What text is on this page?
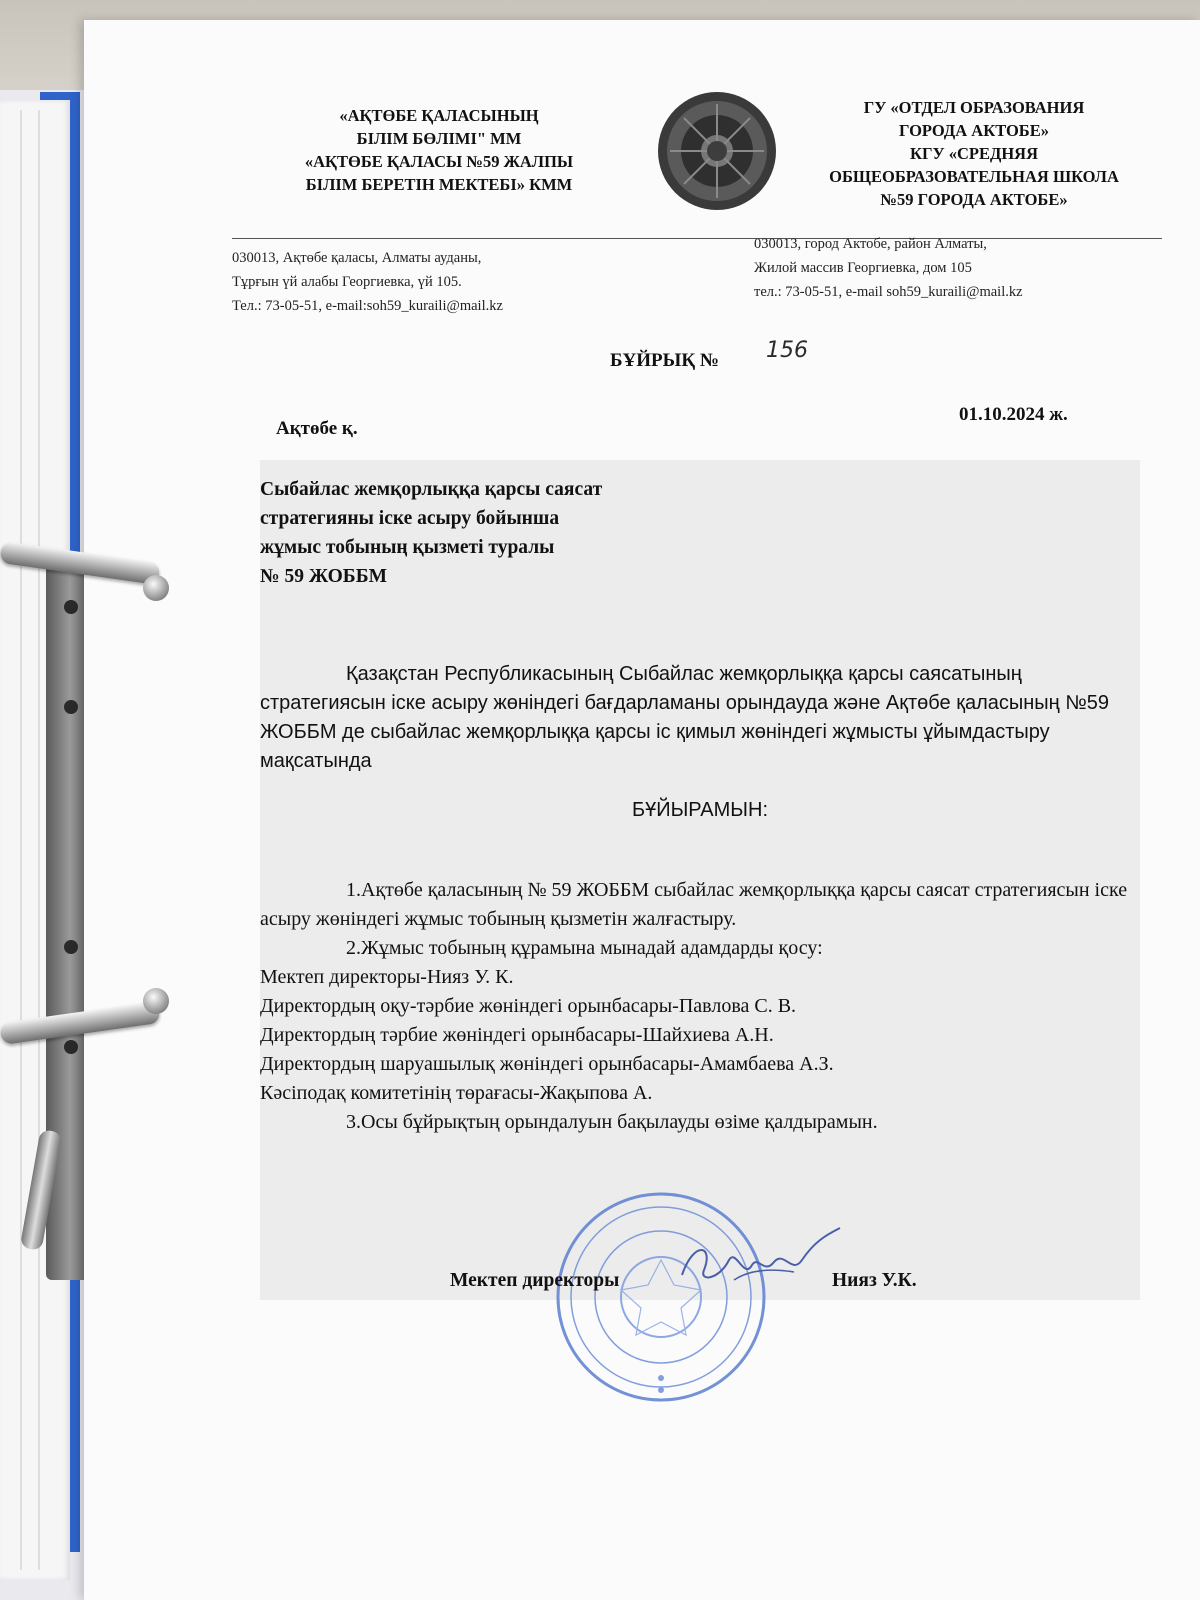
«АҚТӨБЕ ҚАЛАСЫНЫҢ
БІЛІМ БӨЛІМІ" ММ
«АҚТӨБЕ ҚАЛАСЫ №59 ЖАЛПЫ
БІЛІМ БЕРЕТІН МЕКТЕБІ» КММ
ГУ «ОТДЕЛ ОБРАЗОВАНИЯ
ГОРОДА АКТОБЕ»
КГУ «СРЕДНЯЯ
ОБЩЕОБРАЗОВАТЕЛЬНАЯ ШКОЛА
№59 ГОРОДА АКТОБЕ»
030013, Ақтөбе қаласы, Алматы ауданы,
Тұрғын үй алабы Георгиевка, үй 105.
Тел.: 73-05-51, e-mail:soh59_kuraili@mail.kz
030013, город Актобе, район Алматы,
Жилой массив Георгиевка, дом 105
тел.: 73-05-51, e-mail soh59_kuraili@mail.kz
БҰЙРЫҚ № 156
Ақтөбе қ.
01.10.2024 ж.
Сыбайлас жемқорлыққа қарсы саясат
стратегияны іске асыру бойынша
жұмыс тобының қызметі туралы
№ 59 ЖОББМ

Қазақстан Республикасының Сыбайлас жемқорлыққа қарсы саясатының стратегиясын іске асыру жөніндегі бағдарламаны орындауда және Ақтөбе қаласының №59 ЖОББМ де сыбайлас жемқорлыққа қарсы іс қимыл жөніндегі жұмысты ұйымдастыру мақсатында

БҰЙЫРАМЫН:
1.Ақтөбе қаласының № 59 ЖОББМ сыбайлас жемқорлыққа қарсы саясат стратегиясын іске асыру жөніндегі жұмыс тобының қызметін жалғастыру.
2.Жұмыс тобының құрамына мынадай адамдарды қосу:
Мектеп директоры-Нияз У. К.
Директордың оқу-тәрбие жөніндегі орынбасары-Павлова С. В.
Директордың тәрбие жөніндегі орынбасары-Шайхиева А.Н.
Директордың шаруашылық жөніндегі орынбасары-Амамбаева А.З.
Кәсіподақ комитетінің төрағасы-Жақыпова А.
3.Осы бұйрықтың орындалуын бақылауды өзіме қалдырамын.
Мектеп директоры	Нияз У.К.
